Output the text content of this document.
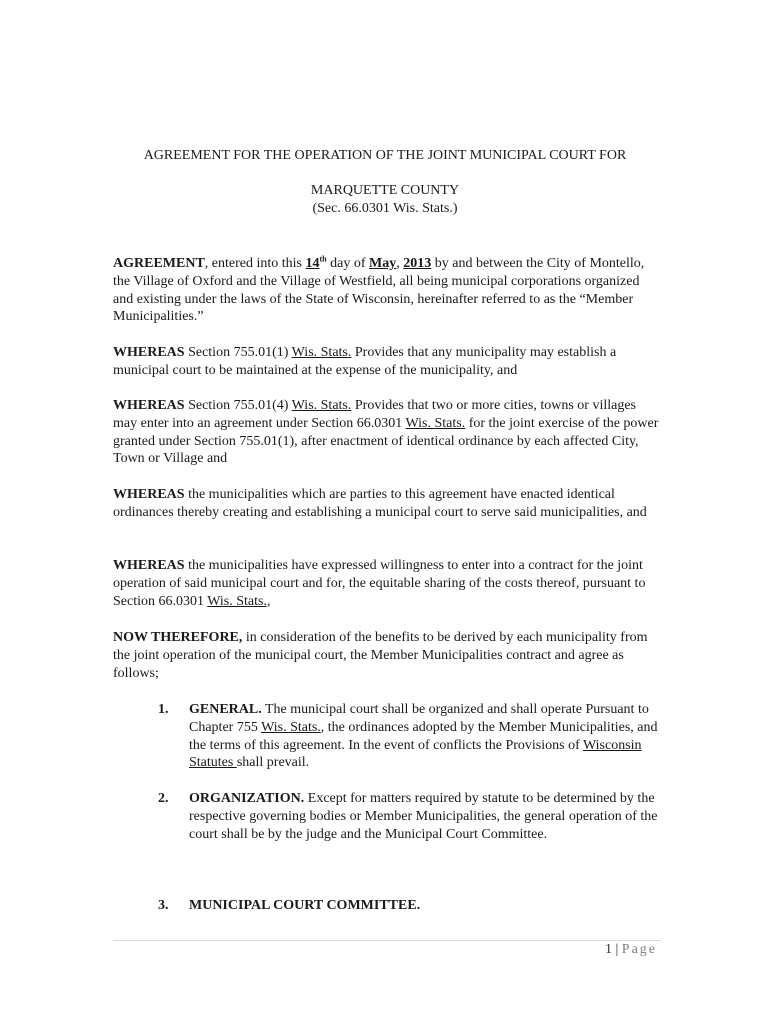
AGREEMENT FOR THE OPERATION OF THE JOINT MUNICIPAL COURT FOR
MARQUETTE COUNTY
(Sec. 66.0301 Wis. Stats.)
AGREEMENT, entered into this 14th day of May, 2013 by and between the City of Montello, the Village of Oxford and the Village of Westfield, all being municipal corporations organized and existing under the laws of the State of Wisconsin, hereinafter referred to as the “Member Municipalities.”
WHEREAS Section 755.01(1) Wis. Stats. Provides that any municipality may establish a municipal court to be maintained at the expense of the municipality, and
WHEREAS Section 755.01(4) Wis. Stats. Provides that two or more cities, towns or villages may enter into an agreement under Section 66.0301 Wis. Stats. for the joint exercise of the power granted under Section 755.01(1), after enactment of identical ordinance by each affected City, Town or Village and
WHEREAS the municipalities which are parties to this agreement have enacted identical ordinances thereby creating and establishing a municipal court to serve said municipalities, and
WHEREAS the municipalities have expressed willingness to enter into a contract for the joint operation of said municipal court and for, the equitable sharing of the costs thereof, pursuant to Section 66.0301 Wis. Stats.,
NOW THEREFORE, in consideration of the benefits to be derived by each municipality from the joint operation of the municipal court, the Member Municipalities contract and agree as follows;
1. GENERAL. The municipal court shall be organized and shall operate Pursuant to Chapter 755 Wis. Stats., the ordinances adopted by the Member Municipalities, and the terms of this agreement. In the event of conflicts the Provisions of Wisconsin Statutes shall prevail.
2. ORGANIZATION. Except for matters required by statute to be determined by the respective governing bodies or Member Municipalities, the general operation of the court shall be by the judge and the Municipal Court Committee.
3. MUNICIPAL COURT COMMITTEE.
1 | Page
